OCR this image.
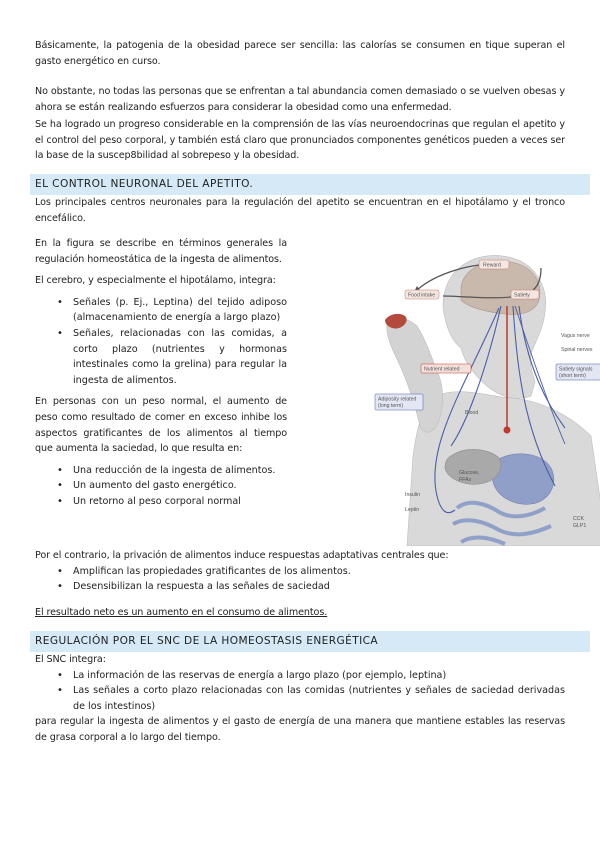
Básicamente, la patogenia de la obesidad parece ser sencilla: las calorías se consumen en tique superan el gasto energético en curso.

No obstante, no todas las personas que se enfrentan a tal abundancia comen demasiado o se vuelven obesas y ahora se están realizando esfuerzos para considerar la obesidad como una enfermedad.

Se ha logrado un progreso considerable en la comprensión de las vías neuroendocrinas que regulan el apetito y el control del peso corporal, y también está claro que pronunciados componentes genéticos pueden a veces ser la base de la suscep8bilidad al sobrepeso y la obesidad.

EL CONTROL NEURONAL DEL APETITO.

Los principales centros neuronales para la regulación del apetito se encuentran en el hipotálamo y el tronco encefálico.

En la figura se describe en términos generales la regulación homeostática de la ingesta de alimentos.

El cerebro, y especialmente el hipotálamo, integra:

• Señales (p. Ej., Leptina) del tejido adiposo (almacenamiento de energía a largo plazo)
• Señales, relacionadas con las comidas, a corto plazo (nutrientes y hormonas intestinales como la grelina) para regular la ingesta de alimentos.

En personas con un peso normal, el aumento de peso como resultado de comer en exceso inhibe los aspectos gratificantes de los alimentos al tiempo que aumenta la saciedad, lo que resulta en:

• Una reducción de la ingesta de alimentos.
• Un aumento del gasto energético.
• Un retorno al peso corporal normal
Reward
Food intake	Satiety
Vagus nerve
Spinal nerves
Nutrient related	Satiety signals
(short term)
Adiposity related
(long term)
Blood
Glucose,
FFAs
Insulin
Leptin
CCK
GLP1

Por el contrario, la privación de alimentos induce respuestas adaptativas centrales que:

• Amplifican las propiedades gratificantes de los alimentos.
• Desensibilizan la respuesta a las señales de saciedad

El resultado neto es un aumento en el consumo de alimentos.

REGULACIÓN POR EL SNC DE LA HOMEOSTASIS ENERGÉTICA

El SNC integra:

• La información de las reservas de energía a largo plazo (por ejemplo, leptina)
• Las señales a corto plazo relacionadas con las comidas (nutrientes y señales de saciedad derivadas de los intestinos)

para regular la ingesta de alimentos y el gasto de energía de una manera que mantiene estables las reservas de grasa corporal a lo largo del tiempo.
